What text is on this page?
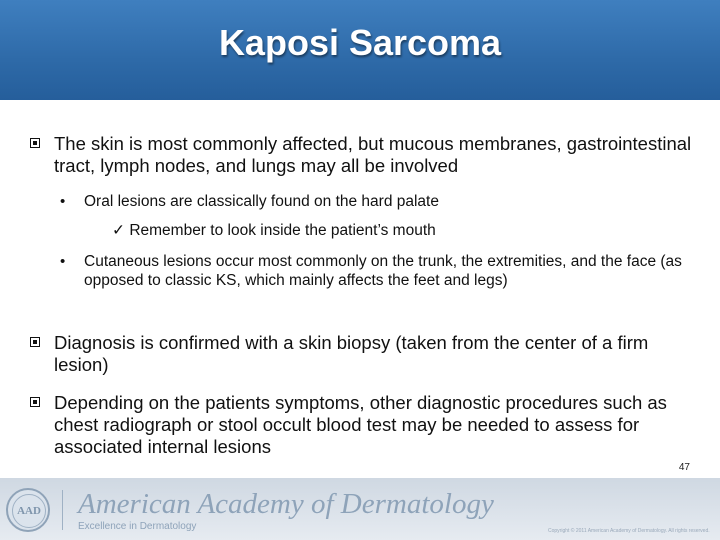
Kaposi Sarcoma
The skin is most commonly affected, but mucous membranes, gastrointestinal tract, lymph nodes, and lungs may all be involved
• Oral lesions are classically found on the hard palate
✓ Remember to look inside the patient’s mouth
• Cutaneous lesions occur most commonly on the trunk, the extremities, and the face (as opposed to classic KS, which mainly affects the feet and legs)
Diagnosis is confirmed with a skin biopsy (taken from the center of a firm lesion)
Depending on the patients symptoms, other diagnostic procedures such as chest radiograph or stool occult blood test may be needed to assess for associated internal lesions
47
AAD American Academy of Dermatology
Excellence in Dermatology	Copyright © 2011 American Academy of Dermatology. All rights reserved.
